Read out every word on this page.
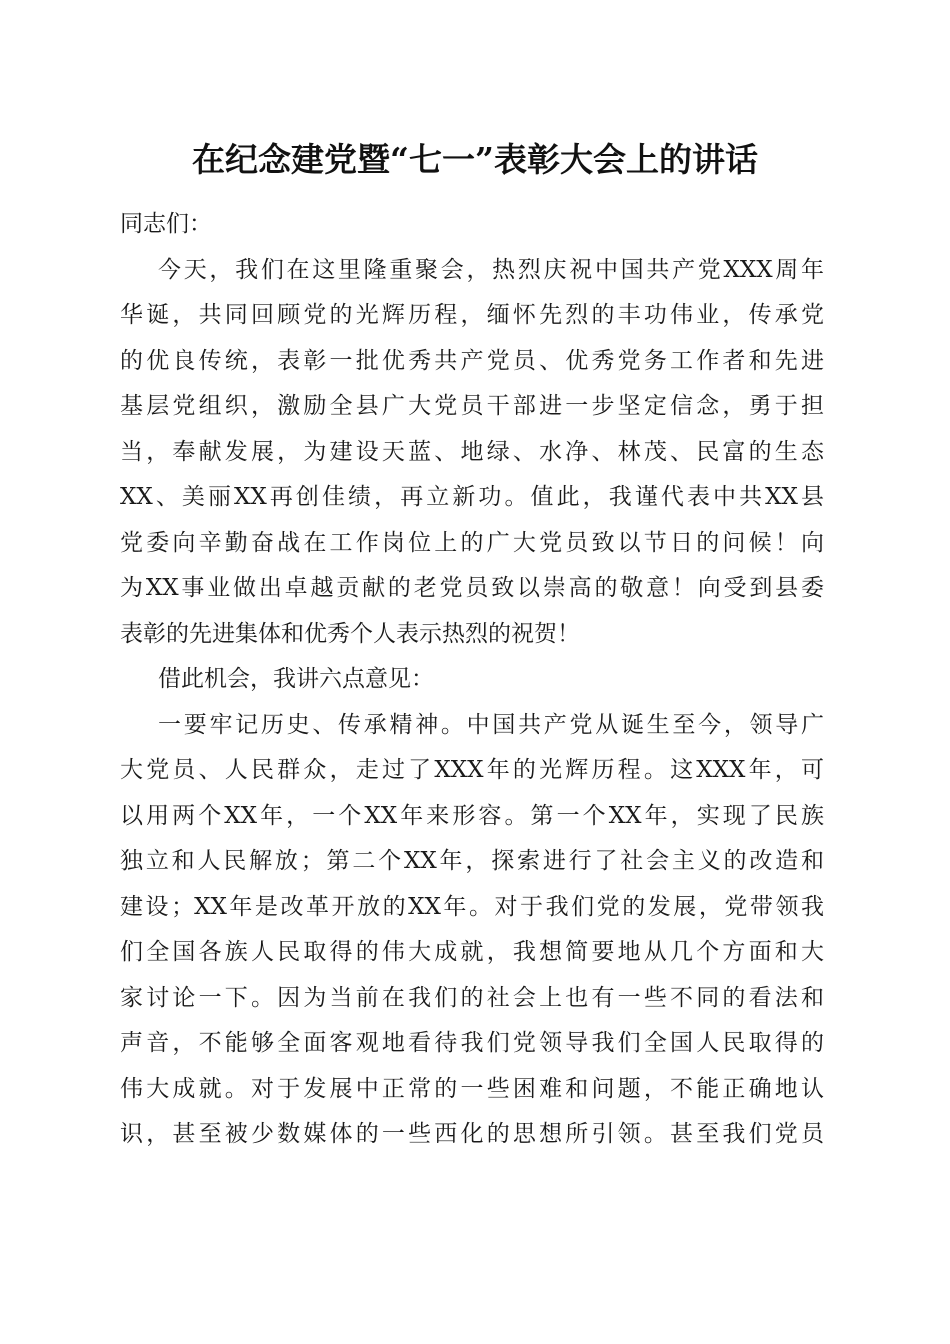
在纪念建党暨“七一”表彰大会上的讲话
同志们：
今天，我们在这里隆重聚会，热烈庆祝中国共产党XXX周年
华诞，共同回顾党的光辉历程，缅怀先烈的丰功伟业，传承党
的优良传统，表彰一批优秀共产党员、优秀党务工作者和先进
基层党组织，激励全县广大党员干部进一步坚定信念，勇于担
当，奉献发展，为建设天蓝、地绿、水净、林茂、民富的生态
XX、美丽XX再创佳绩，再立新功。值此，我谨代表中共XX县
党委向辛勤奋战在工作岗位上的广大党员致以节日的问候！向
为XX事业做出卓越贡献的老党员致以崇高的敬意！向受到县委
表彰的先进集体和优秀个人表示热烈的祝贺！
借此机会，我讲六点意见：
一要牢记历史、传承精神。中国共产党从诞生至今，领导广
大党员、人民群众，走过了XXX年的光辉历程。这XXX年，可
以用两个XX年，一个XX年来形容。第一个XX年，实现了民族
独立和人民解放；第二个XX年，探索进行了社会主义的改造和
建设；XX年是改革开放的XX年。对于我们党的发展，党带领我
们全国各族人民取得的伟大成就，我想简要地从几个方面和大
家讨论一下。因为当前在我们的社会上也有一些不同的看法和
声音，不能够全面客观地看待我们党领导我们全国人民取得的
伟大成就。对于发展中正常的一些困难和问题，不能正确地认
识，甚至被少数媒体的一些西化的思想所引领。甚至我们党员
